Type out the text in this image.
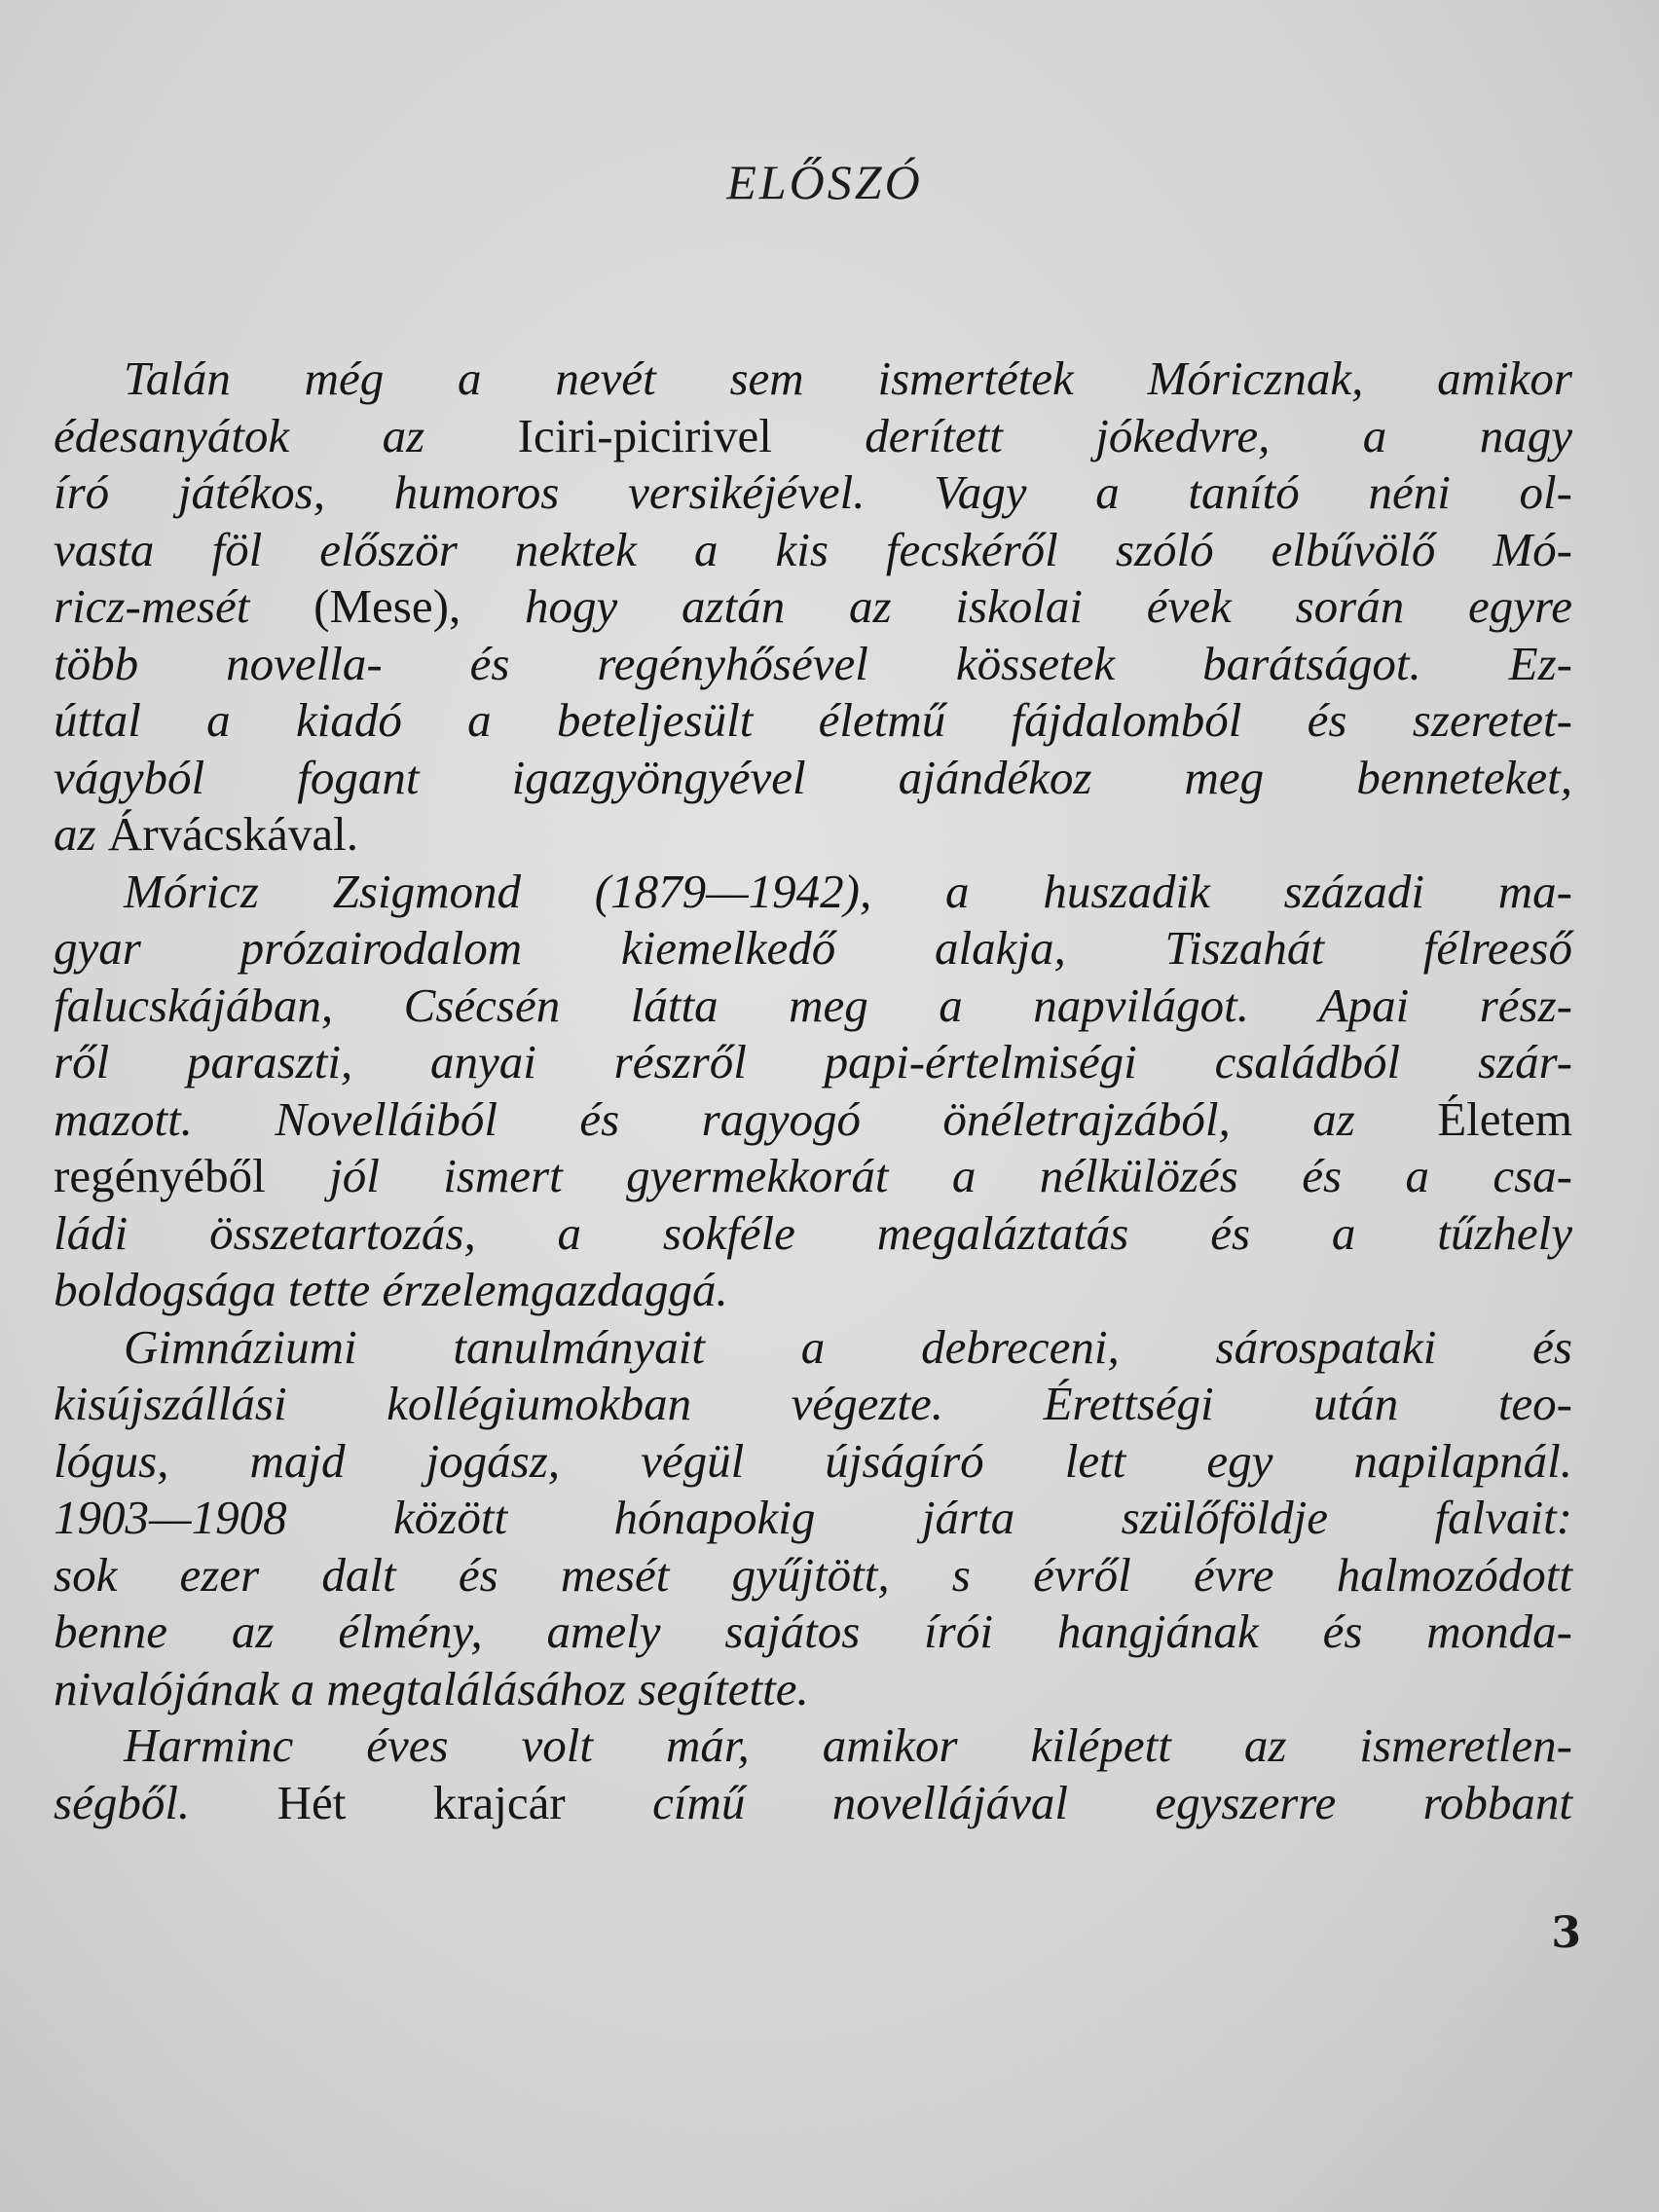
ELŐSZÓ
Talán még a nevét sem ismertétek Móricznak, amikor
édesanyátok az Iciri-picirivel derített jókedvre, a nagy
író játékos, humoros versikéjével. Vagy a tanító néni ol-
vasta föl először nektek a kis fecskéről szóló elbűvölő Mó-
ricz-mesét (Mese), hogy aztán az iskolai évek során egyre
több novella- és regényhősével kössetek barátságot. Ez-
úttal a kiadó a beteljesült életmű fájdalomból és szeretet-
vágyból fogant igazgyöngyével ajándékoz meg benneteket,
az Árvácskával.
Móricz Zsigmond (1879—1942), a huszadik századi ma-
gyar prózairodalom kiemelkedő alakja, Tiszahát félreeső
falucskájában, Csécsén látta meg a napvilágot. Apai rész-
ről paraszti, anyai részről papi-értelmiségi családból szár-
mazott. Novelláiból és ragyogó önéletrajzából, az Életem
regényéből jól ismert gyermekkorát a nélkülözés és a csa-
ládi összetartozás, a sokféle megaláztatás és a tűzhely
boldogsága tette érzelemgazdaggá.
Gimnáziumi tanulmányait a debreceni, sárospataki és
kisújszállási kollégiumokban végezte. Érettségi után teo-
lógus, majd jogász, végül újságíró lett egy napilapnál.
1903—1908 között hónapokig járta szülőföldje falvait:
sok ezer dalt és mesét gyűjtött, s évről évre halmozódott
benne az élmény, amely sajátos írói hangjának és monda-
nivalójának a megtalálásához segítette.
Harminc éves volt már, amikor kilépett az ismeretlen-
ségből. Hét krajcár című novellájával egyszerre robbant
3
